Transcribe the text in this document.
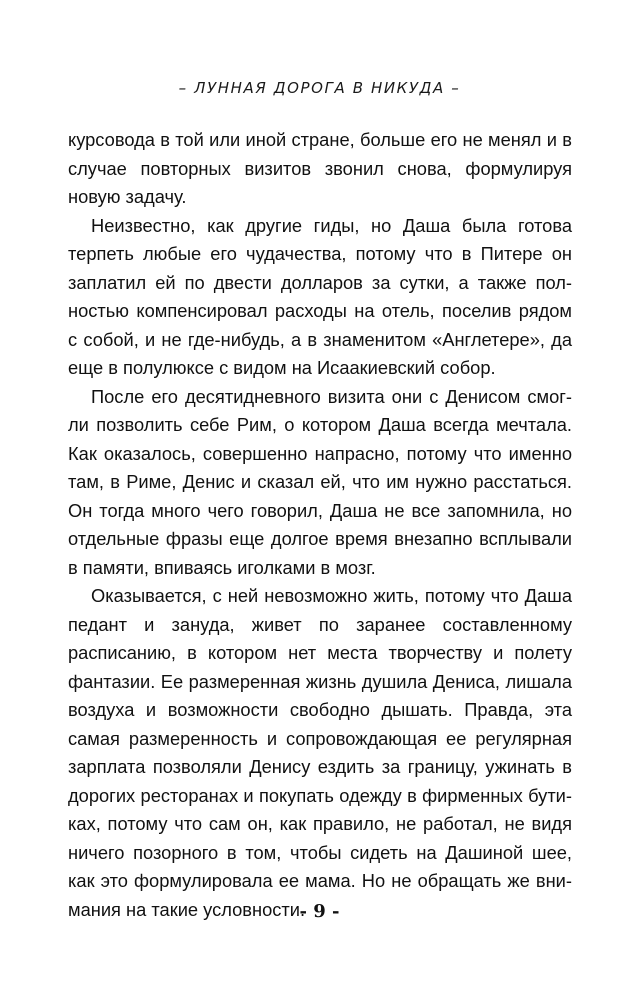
– ЛУННАЯ ДОРОГА В НИКУДА –

курсовода в той или иной стране, больше его не менял и в случае повторных визитов звонил снова, формулируя новую задачу.

Неизвестно, как другие гиды, но Даша была готова терпеть любые его чудачества, потому что в Питере он заплатил ей по двести долларов за сутки, а также полностью компенсировал расходы на отель, поселив рядом с собой, и не где-нибудь, а в знаменитом «Англетере», да еще в полулюксе с видом на Исаакиевский собор.

После его десятидневного визита они с Денисом смогли позволить себе Рим, о котором Даша всегда мечтала. Как оказалось, совершенно напрасно, потому что именно там, в Риме, Денис и сказал ей, что им нужно расстаться. Он тогда много чего говорил, Даша не все запомнила, но отдельные фразы еще долгое время внезапно всплывали в памяти, впиваясь иголками в мозг.

Оказывается, с ней невозможно жить, потому что Даша педант и зануда, живет по заранее составленному расписанию, в котором нет места творчеству и полету фантазии. Ее размеренная жизнь душила Дениса, лишала воздуха и возможности свободно дышать. Правда, эта самая размеренность и сопровождающая ее регулярная зарплата позволяли Денису ездить за границу, ужинать в дорогих ресторанах и покупать одежду в фирменных бутиках, потому что сам он, как правило, не работал, не видя ничего позорного в том, чтобы сидеть на Дашиной шее, как это формулировала ее мама. Но не обращать же внимания на такие условности.

- 9 -
